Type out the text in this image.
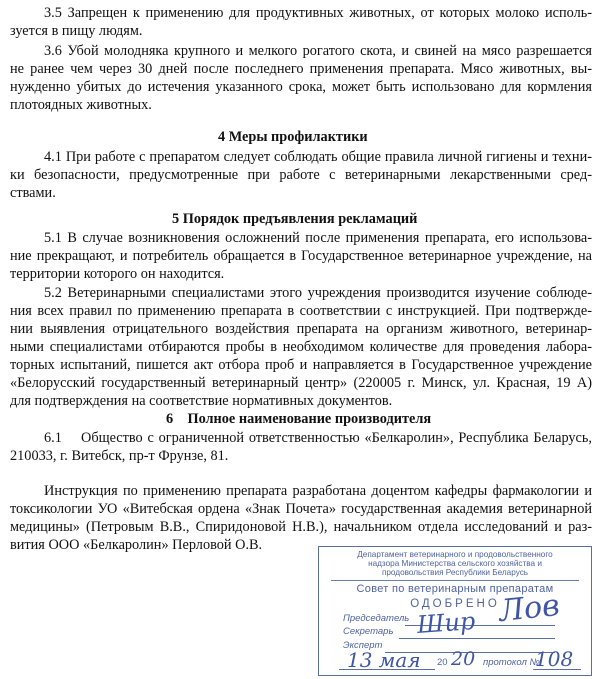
3.5 Запрещен к применению для продуктивных животных, от которых молоко исполь-
зуется в пищу людям.
3.6 Убой молодняка крупного и мелкого рогатого скота, и свиней на мясо разрешается
не ранее чем через 30 дней после последнего применения препарата. Мясо животных, вы-
нужденно убитых до истечения указанного срока, может быть использовано для кормления
плотоядных животных.
4 Меры профилактики
4.1 При работе с препаратом следует соблюдать общие правила личной гигиены и техни-
ки безопасности, предусмотренные при работе с ветеринарными лекарственными сред-
ствами.
5 Порядок предъявления рекламаций
5.1 В случае возникновения осложнений после применения препарата, его использова-
ние прекращают, и потребитель обращается в Государственное ветеринарное учреждение, на
территории которого он находится.
5.2 Ветеринарными специалистами этого учреждения производится изучение соблюде-
ния всех правил по применению препарата в соответствии с инструкцией. При подтвержде-
нии выявления отрицательного воздействия препарата на организм животного, ветеринар-
ными специалистами отбираются пробы в необходимом количестве для проведения лабора-
торных испытаний, пишется акт отбора проб и направляется в Государственное учреждение
«Белорусский государственный ветеринарный центр» (220005 г. Минск, ул. Красная, 19 А)
для подтверждения на соответствие нормативных документов.
6    Полное наименование производителя
6.1    Общество с ограниченной ответственностью «Белкаролин», Республика Беларусь,
210033, г. Витебск, пр-т Фрунзе, 81.
Инструкция по применению препарата разработана доцентом кафедры фармакологии и
токсикологии УО «Витебская ордена «Знак Почета» государственная академия ветеринарной
медицины» (Петровым В.В., Спиридоновой Н.В.), начальником отдела исследований и раз-
вития ООО «Белкаролин» Перловой О.В.
Департамент ветеринарного и продовольственного
надзора Министерства сельского хозяйства и
продовольствия Республики Беларусь
Совет по ветеринарным препаратам
ОДОБРЕНО
Председатель
Секретарь
Эксперт
20	протокол №
Шир Лов
13 мая 20	108
